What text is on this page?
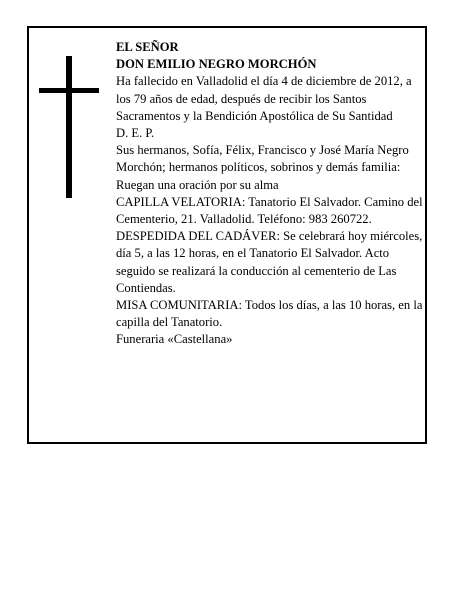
EL SEÑOR

DON EMILIO NEGRO MORCHÓN

Ha fallecido en Valladolid el día 4 de diciembre de 2012, a los 79 años de edad, después de recibir los Santos Sacramentos y la Bendición Apostólica de Su Santidad

D. E. P.

Sus hermanos, Sofía, Félix, Francisco y José María Negro Morchón; hermanos políticos, sobrinos y demás familia:

Ruegan una oración por su alma

CAPILLA VELATORIA: Tanatorio El Salvador. Camino del Cementerio, 21. Valladolid. Teléfono: 983 260722.

DESPEDIDA DEL CADÁVER: Se celebrará hoy miércoles, día 5, a las 12 horas, en el Tanatorio El Salvador. Acto seguido se realizará la conducción al cementerio de Las Contiendas.

MISA COMUNITARIA: Todos los días, a las 10 horas, en la capilla del Tanatorio.

Funeraria «Castellana»
